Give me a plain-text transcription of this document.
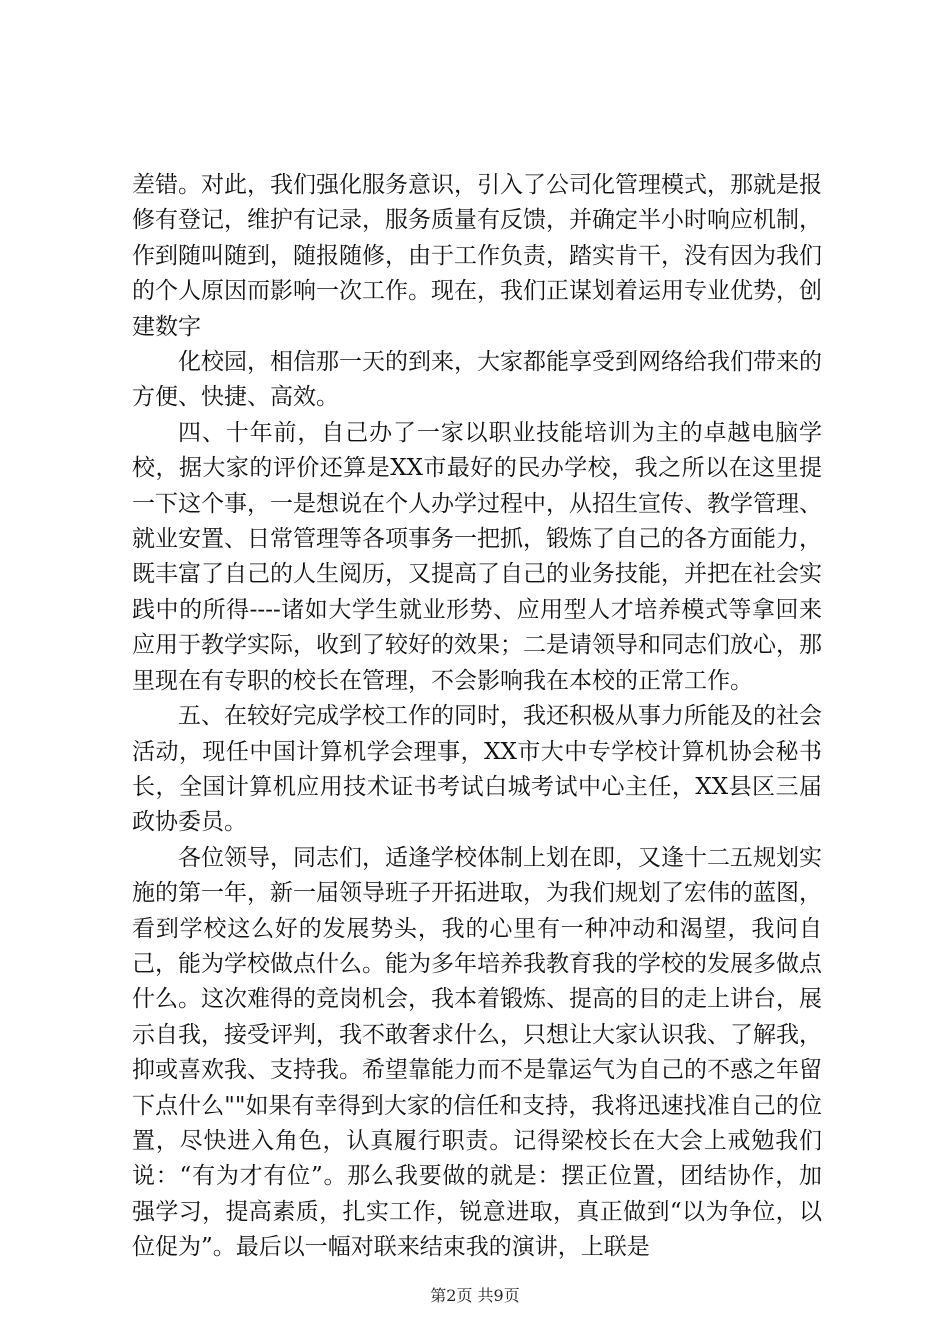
差错。对此，我们强化服务意识，引入了公司化管理模式，那就是报修有登记，维护有记录，服务质量有反馈，并确定半小时响应机制，作到随叫随到，随报随修，由于工作负责，踏实肯干，没有因为我们的个人原因而影响一次工作。现在，我们正谋划着运用专业优势，创建数字

化校园，相信那一天的到来，大家都能享受到网络给我们带来的方便、快捷、高效。

四、十年前，自己办了一家以职业技能培训为主的卓越电脑学校，据大家的评价还算是XX市最好的民办学校，我之所以在这里提一下这个事，一是想说在个人办学过程中，从招生宣传、教学管理、就业安置、日常管理等各项事务一把抓，锻炼了自己的各方面能力，既丰富了自己的人生阅历，又提高了自己的业务技能，并把在社会实践中的所得----诸如大学生就业形势、应用型人才培养模式等拿回来应用于教学实际，收到了较好的效果；二是请领导和同志们放心，那里现在有专职的校长在管理，不会影响我在本校的正常工作。

五、在较好完成学校工作的同时，我还积极从事力所能及的社会活动，现任中国计算机学会理事，XX市大中专学校计算机协会秘书长，全国计算机应用技术证书考试白城考试中心主任，XX县区三届政协委员。

各位领导，同志们，适逢学校体制上划在即，又逢十二五规划实施的第一年，新一届领导班子开拓进取，为我们规划了宏伟的蓝图，看到学校这么好的发展势头，我的心里有一种冲动和渴望，我问自己，能为学校做点什么。能为多年培养我教育我的学校的发展多做点什么。这次难得的竞岗机会，我本着锻炼、提高的目的走上讲台，展示自我，接受评判，我不敢奢求什么，只想让大家认识我、了解我，抑或喜欢我、支持我。希望靠能力而不是靠运气为自己的不惑之年留下点什么""如果有幸得到大家的信任和支持，我将迅速找准自己的位置，尽快进入角色，认真履行职责。记得梁校长在大会上戒勉我们说：“有为才有位”。那么我要做的就是：摆正位置，团结协作，加强学习，提高素质，扎实工作，锐意进取，真正做到“以为争位，以位促为”。最后以一幅对联来结束我的演讲，上联是

第2页 共9页
